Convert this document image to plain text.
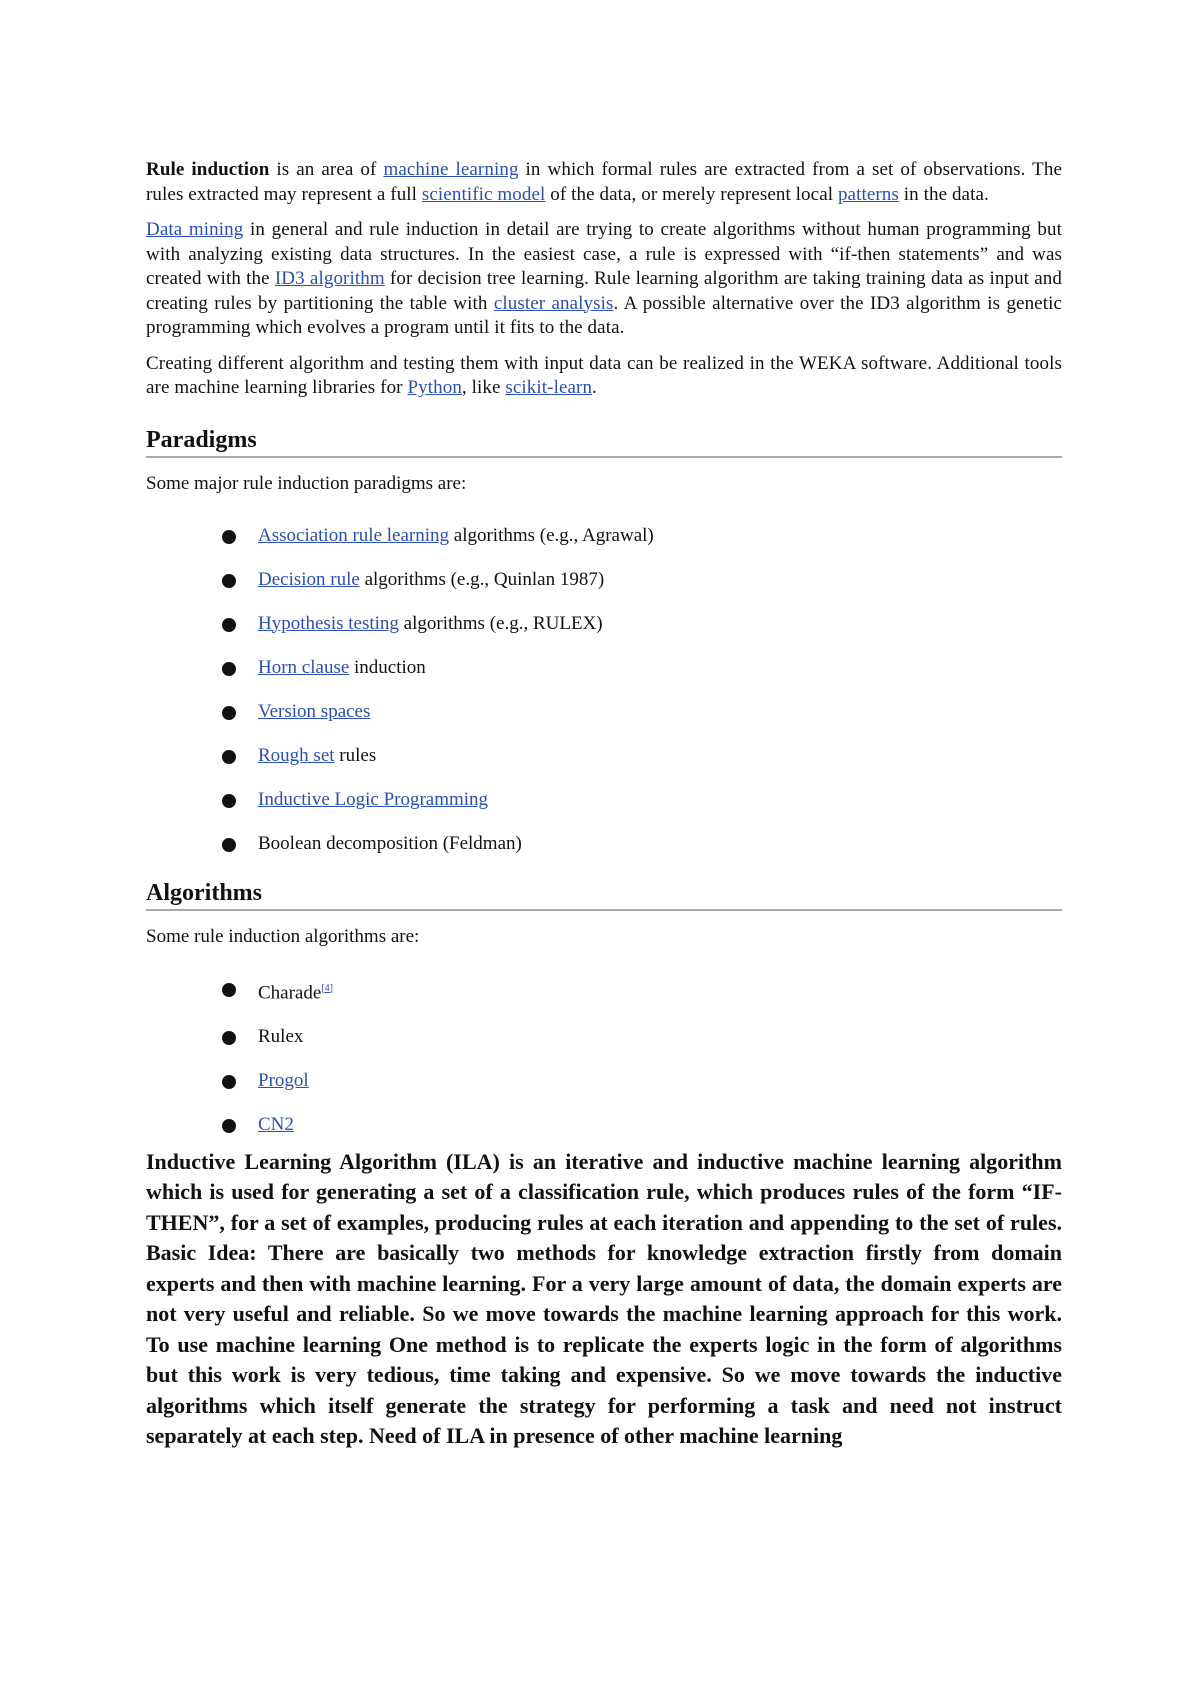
Rule induction is an area of machine learning in which formal rules are extracted from a set of observations. The rules extracted may represent a full scientific model of the data, or merely represent local patterns in the data.

Data mining in general and rule induction in detail are trying to create algorithms without human programming but with analyzing existing data structures. In the easiest case, a rule is expressed with “if-then statements” and was created with the ID3 algorithm for decision tree learning. Rule learning algorithm are taking training data as input and creating rules by partitioning the table with cluster analysis. A possible alternative over the ID3 algorithm is genetic programming which evolves a program until it fits to the data.

Creating different algorithm and testing them with input data can be realized in the WEKA software. Additional tools are machine learning libraries for Python, like scikit-learn.

Paradigms

Some major rule induction paradigms are:

Association rule learning algorithms (e.g., Agrawal)
Decision rule algorithms (e.g., Quinlan 1987)
Hypothesis testing algorithms (e.g., RULEX)
Horn clause induction
Version spaces
Rough set rules
Inductive Logic Programming
Boolean decomposition (Feldman)
Algorithms

Some rule induction algorithms are:

Charade[4]
Rulex
Progol
CN2

Inductive Learning Algorithm (ILA) is an iterative and inductive machine learning algorithm which is used for generating a set of a classification rule, which produces rules of the form “IF-THEN”, for a set of examples, producing rules at each iteration and appending to the set of rules. Basic Idea: There are basically two methods for knowledge extraction firstly from domain experts and then with machine learning. For a very large amount of data, the domain experts are not very useful and reliable. So we move towards the machine learning approach for this work. To use machine learning One method is to replicate the experts logic in the form of algorithms but this work is very tedious, time taking and expensive. So we move towards the inductive algorithms which itself generate the strategy for performing a task and need not instruct separately at each step. Need of ILA in presence of other machine learning
